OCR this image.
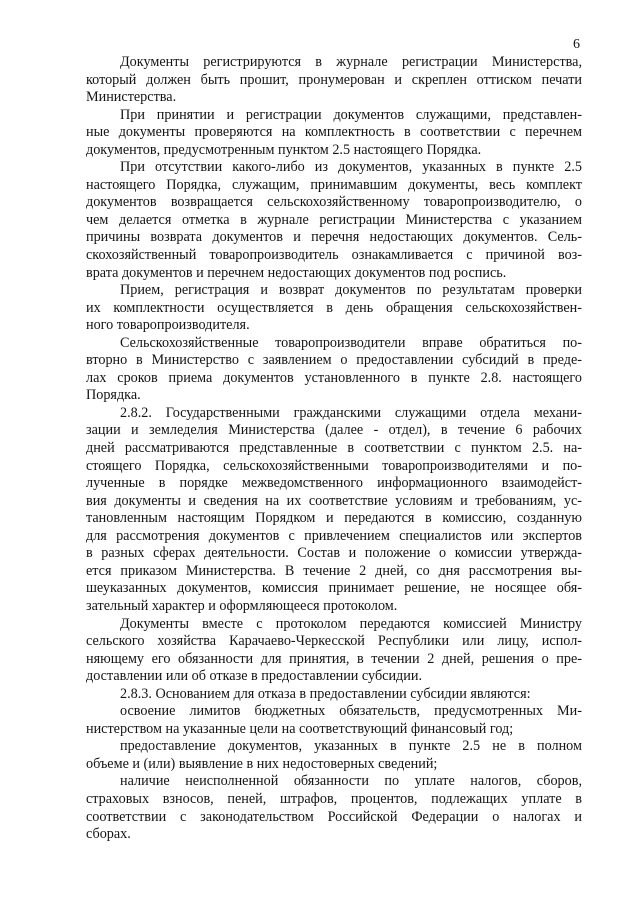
6
Документы регистрируются в журнале регистрации Министерства,
который должен быть прошит, пронумерован и скреплен оттиском печати
Министерства.
При принятии и регистрации документов служащими, представлен-
ные документы проверяются на комплектность в соответствии с перечнем
документов, предусмотренным пунктом 2.5 настоящего Порядка.
При отсутствии какого-либо из документов, указанных в пункте 2.5
настоящего Порядка, служащим, принимавшим документы, весь комплект
документов возвращается сельскохозяйственному товаропроизводителю, о
чем делается отметка в журнале регистрации Министерства с указанием
причины возврата документов и перечня недостающих документов. Сель-
скохозяйственный товаропроизводитель ознакамливается с причиной воз-
врата документов и перечнем недостающих документов под роспись.
Прием, регистрация и возврат документов по результатам проверки
их комплектности осуществляется в день обращения сельскохозяйствен-
ного товаропроизводителя.
Сельскохозяйственные товаропроизводители вправе обратиться по-
вторно в Министерство с заявлением о предоставлении субсидий в преде-
лах сроков приема документов установленного в пункте 2.8. настоящего
Порядка.
2.8.2. Государственными гражданскими служащими отдела механи-
зации и земледелия Министерства (далее - отдел), в течение 6 рабочих
дней рассматриваются представленные в соответствии с пунктом 2.5. на-
стоящего Порядка, сельскохозяйственными товаропроизводителями и по-
лученные в порядке межведомственного информационного взаимодейст-
вия документы и сведения на их соответствие условиям и требованиям, ус-
тановленным настоящим Порядком и передаются в комиссию, созданную
для рассмотрения документов с привлечением специалистов или экспертов
в разных сферах деятельности. Состав и положение о комиссии утвержда-
ется приказом Министерства. В течение 2 дней, со дня рассмотрения вы-
шеуказанных документов, комиссия принимает решение, не носящее обя-
зательный характер и оформляющееся протоколом.
Документы вместе с протоколом передаются комиссией Министру
сельского хозяйства Карачаево-Черкесской Республики или лицу, испол-
няющему его обязанности для принятия, в течении 2 дней, решения о пре-
доставлении или об отказе в предоставлении субсидии.
2.8.3. Основанием для отказа в предоставлении субсидии являются:
освоение лимитов бюджетных обязательств, предусмотренных Ми-
нистерством на указанные цели на соответствующий финансовый год;
предоставление документов, указанных в пункте 2.5 не в полном
объеме и (или) выявление в них недостоверных сведений;
наличие неисполненной обязанности по уплате налогов, сборов,
страховых взносов, пеней, штрафов, процентов, подлежащих уплате в
соответствии с законодательством Российской Федерации о налогах и
сборах.
